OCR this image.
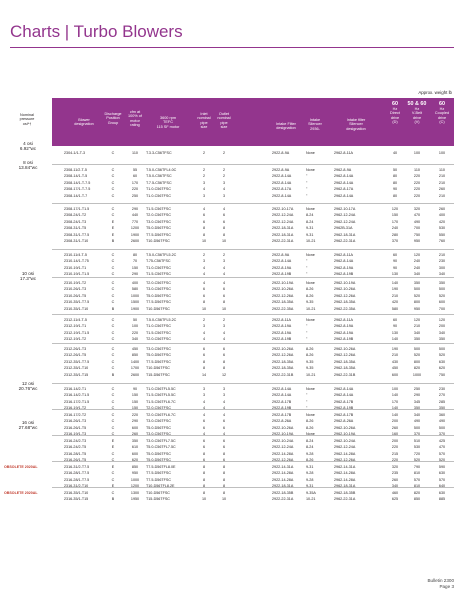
Charts | Turbo Blowers
Approx. weight lb
Nominal
pressure
osi*†
Blower
designation
Discharge
Position
Group
cfm at
100% of
motor
rating
3600 rpm
TEFC
115 SF motor
Inlet
nominal
pipe
size
Outlet
nominal
pipe
size
Intake Filter
designation
Intake
Silencer
2936-
Intake filter
Silencer
designation
60
Hz
Direct
drive
(D)
50 & 60
Hz
V-Belt
drive
(V)
60
Hz
Coupled
drive
(C)
4 osi
6.92"wc
8 osi
13.84"wc
10 osi
17.3"wc
12 osi
20.76"wc
16 osi
27.68"wc
2304-1/1-T-3	C	110	T.3.3-C56TFSC	2	2	2922-8-9A	None	2962-8-11A	40	100	100
2308-11/2-T-5	C	55	T.5.0-C56TFL4.0C	2	2	2922-8-9A	None	2962-8-9A	50	110	110
2308-14/1-T-5	C	60	T.5.0-C56TFSC	2	2	2922-8-14A	"	2962-8-14A	80	220	210
2308-14/1-T-7.5	C	170	T.7.5-C56TFSC	3	3	2922-8-14A	"	2962-8-14A	80	220	210
2308-17/1-T-7.5	C	220	T1.0-C56TFSC	4	4	2922-8-17A	"	2962-8-17A	90	220	260
2308-14/1-T-7	C	250	T1.0-C56TFSC	3	3	2922-8-14A	"	2962-8-14A	80	220	210
2308-17/1-T1.5	C	290	T1.5-C56TFSC	4	4	2922-10-17A	None	2962-10-17A	120	320	260
2308-24/1-T2	C	440	T2.0-C56TFSC	6	6	2922-12-24A	8-24	2962-12-24A	150	470	400
2308-24/1-T3	E	770	T3.0-C56TFSC	6	6	2922-12-24A	8-24	2962-12-24A	170	490	420
2308-31/1-T5	E	1200	T5.0-D56TFSC	8	8	2922-18-31A	9-31	2962B-31A	240	700	530
2308-31/1-T7.5	E	1900	T7.5-D56TFSC	8	8	2922-18-31A	9-31	2962-18-31A	280	750	550
2308-31/1-T10	B	2600	T10-D56TFSC	10	10	2922-22-31A	10-21	2962-22-31A	370	950	760
2310-11/4-T-5	C	80	T.5.0-C56TFL5.2C	2	2	2922-8-9A	None	2962-8-11A	60	120	210
2310-14/1-T.75	C	70	T.75-C56TFSC	3	3	2922-8-14A	"	2962-8-14A	90	240	230
2310-19/1-T1	C	150	T1.0-C56TFSC	4	4	2922-8-19A	"	2962-8-19A	90	240	300
2310-19/1-T1.5	C	290	T1.5-C56TFSC	4	4	2922-8-19B	"	2962-8-19B	130	340	340
2310-19/1-T2	C	400	T2.0-C56TFSC	4	4	2922-10-19A	None	2962-10-19A	140	350	350
2310-26/1-T3	C	580	T3.0-C56TFSC	6	6	2922-10-26A	8-26	2962-10-26A	190	500	500
2310-26/1-T5	C	1000	T5.0-D56TFSC	6	6	2922-12-26A	8-26	2962-12-26A	210	520	520
2310-35/1-T7.5	C	1500	T7.5-D56TFSC	8	8	2922-18-35A	9-35	2962-18-35A	420	800	600
2310-35/1-T10	B	1900	T10-D56TFSC	10	10	2922-22-35A	10-21	2962-22-35A	580	950	700
2312-11/4-T-5	C	50	T.5.0-C56TFL5.2C	2	2	2922-8-11A	None	2962-8-11A	60	120	120
2312-19/1-T1	C	100	T1.0-C56TFSC	3	3	2922-8-19A	"	2962-8-19A	90	210	200
2312-19/1-T1.5	C	220	T1.5-C56TFSC	4	4	2922-8-19A	"	2962-8-19A	130	340	340
2312-19/1-T2	C	340	T2.0-C56TFSC	4	4	2922-8-19B	"	2962-8-19B	140	350	350
2312-26/1-T3	C	450	T3.0-C56TFSC	6	6	2922-10-26A	8-26	2962-10-26A	190	500	500
2312-26/1-T5	C	850	T5.0-D56TFSC	6	6	2922-12-26A	8-26	2962-12-26A	210	520	520
2312-35/1-T7.5	C	1400	T7.5-D56TFSC	8	8	2922-18-35A	9-35	2962-18-35A	430	800	630
2312-35/1-T10	C	1700	T10-D56TFSC	8	8	2922-18-35A	9-35	2962-18-35A	450	820	620
2312-35/1-T15	B	2600	T15-D56TFSC	14	12	2922-22-31B	10-21	2962-22-31B	600	1000	750
2316-14/2-T1	C	90	T1.0-C56TFL5.5C	3	3	2922-8-14A	None	2962-8-14A	100	250	230
2316-14/2-T1.5	C	150	T1.5-C56TFL5.5C	3	3	2922-8-14A	"	2962-8-14A	140	290	270
2316-17/2-T1.5	C	150	T1.5-C56TFL6.7C	4	4	2922-8-17B	"	2962-8-17B	170	345	285
2316-19/1-T2	C	150	T2.0-C56TFSC	4	4	2922-8-19B	"	2962-8-19B	140	350	350
2316-17/2-T2	C	220	T2.0-C56TFL6.7C	4	4	2922-8-17B	None	2962-8-17B	140	340	360
2316-26/1-T3	C	290	T3.0-C56TFSC	6	6	2922-8-26A	8-26	2962-8-26A	200	490	490
2316-26/1-T5	C	600	T5.0-D56TFSC	6	6	2922-10-26A	8-26	2962-10-26A	260	500	500
2316-19/1-T3	C	260	T3.0-C56TFSC	4	4	2922-10-19A	None	2962-10-19A	160	370	370
2316-24/2-T3	E	350	T3.0-C56TFL7.5C	6	6	2922-10-24A	8-24	2962-10-24A	200	510	425
2316-24/2-T5	E	610	T5.0-C56TFL7.5C	6	6	2922-12-24A	8-24	2962-12-24A	220	530	470
2316-28/1-T5	C	600	T5.0-D56TFSC	8	8	2922-14-28A	9-28	2962-14-28A	215	720	570
2316-26/1-T5	C	620	T5.0-D56TFSC	6	6	2922-12-26A	8-26	2962-12-26A	220	520	520
2316-31/2-T7.5	E	850	T7.5-D56TFL8.0E	8	8	2922-14-31A	9-31	2962-14-31A	320	790	590
2316-28/1-T7.5	C	950	T7.5-D56TFSC	8	8	2922-14-28A	9-28	2962-14-28A	235	810	630
2316-28/1-T7.5	C	1000	T7.5-D56TFSC	8	8	2922-14-28A	9-28	2962-14-28A	260	570	570
2316-31/2-T10	E	1200	T10-D56TFL8.2E	8	8	2922-18-31A	9-31	2962-18-31A	340	810	640
2316-35/1-T10	C	1300	T10-D56TFSC	8	8	2922-18-35B	9-35A	2962-18-35B	460	820	630
2316-35/1-T15	B	1950	T15-D56TFSC	10	10	2922-22-31A	10-21	2962-22-31A	625	850	885
OBSOLETE 2020AL
OBSOLETE 2020AL
Bulletin 2300
Page 3
